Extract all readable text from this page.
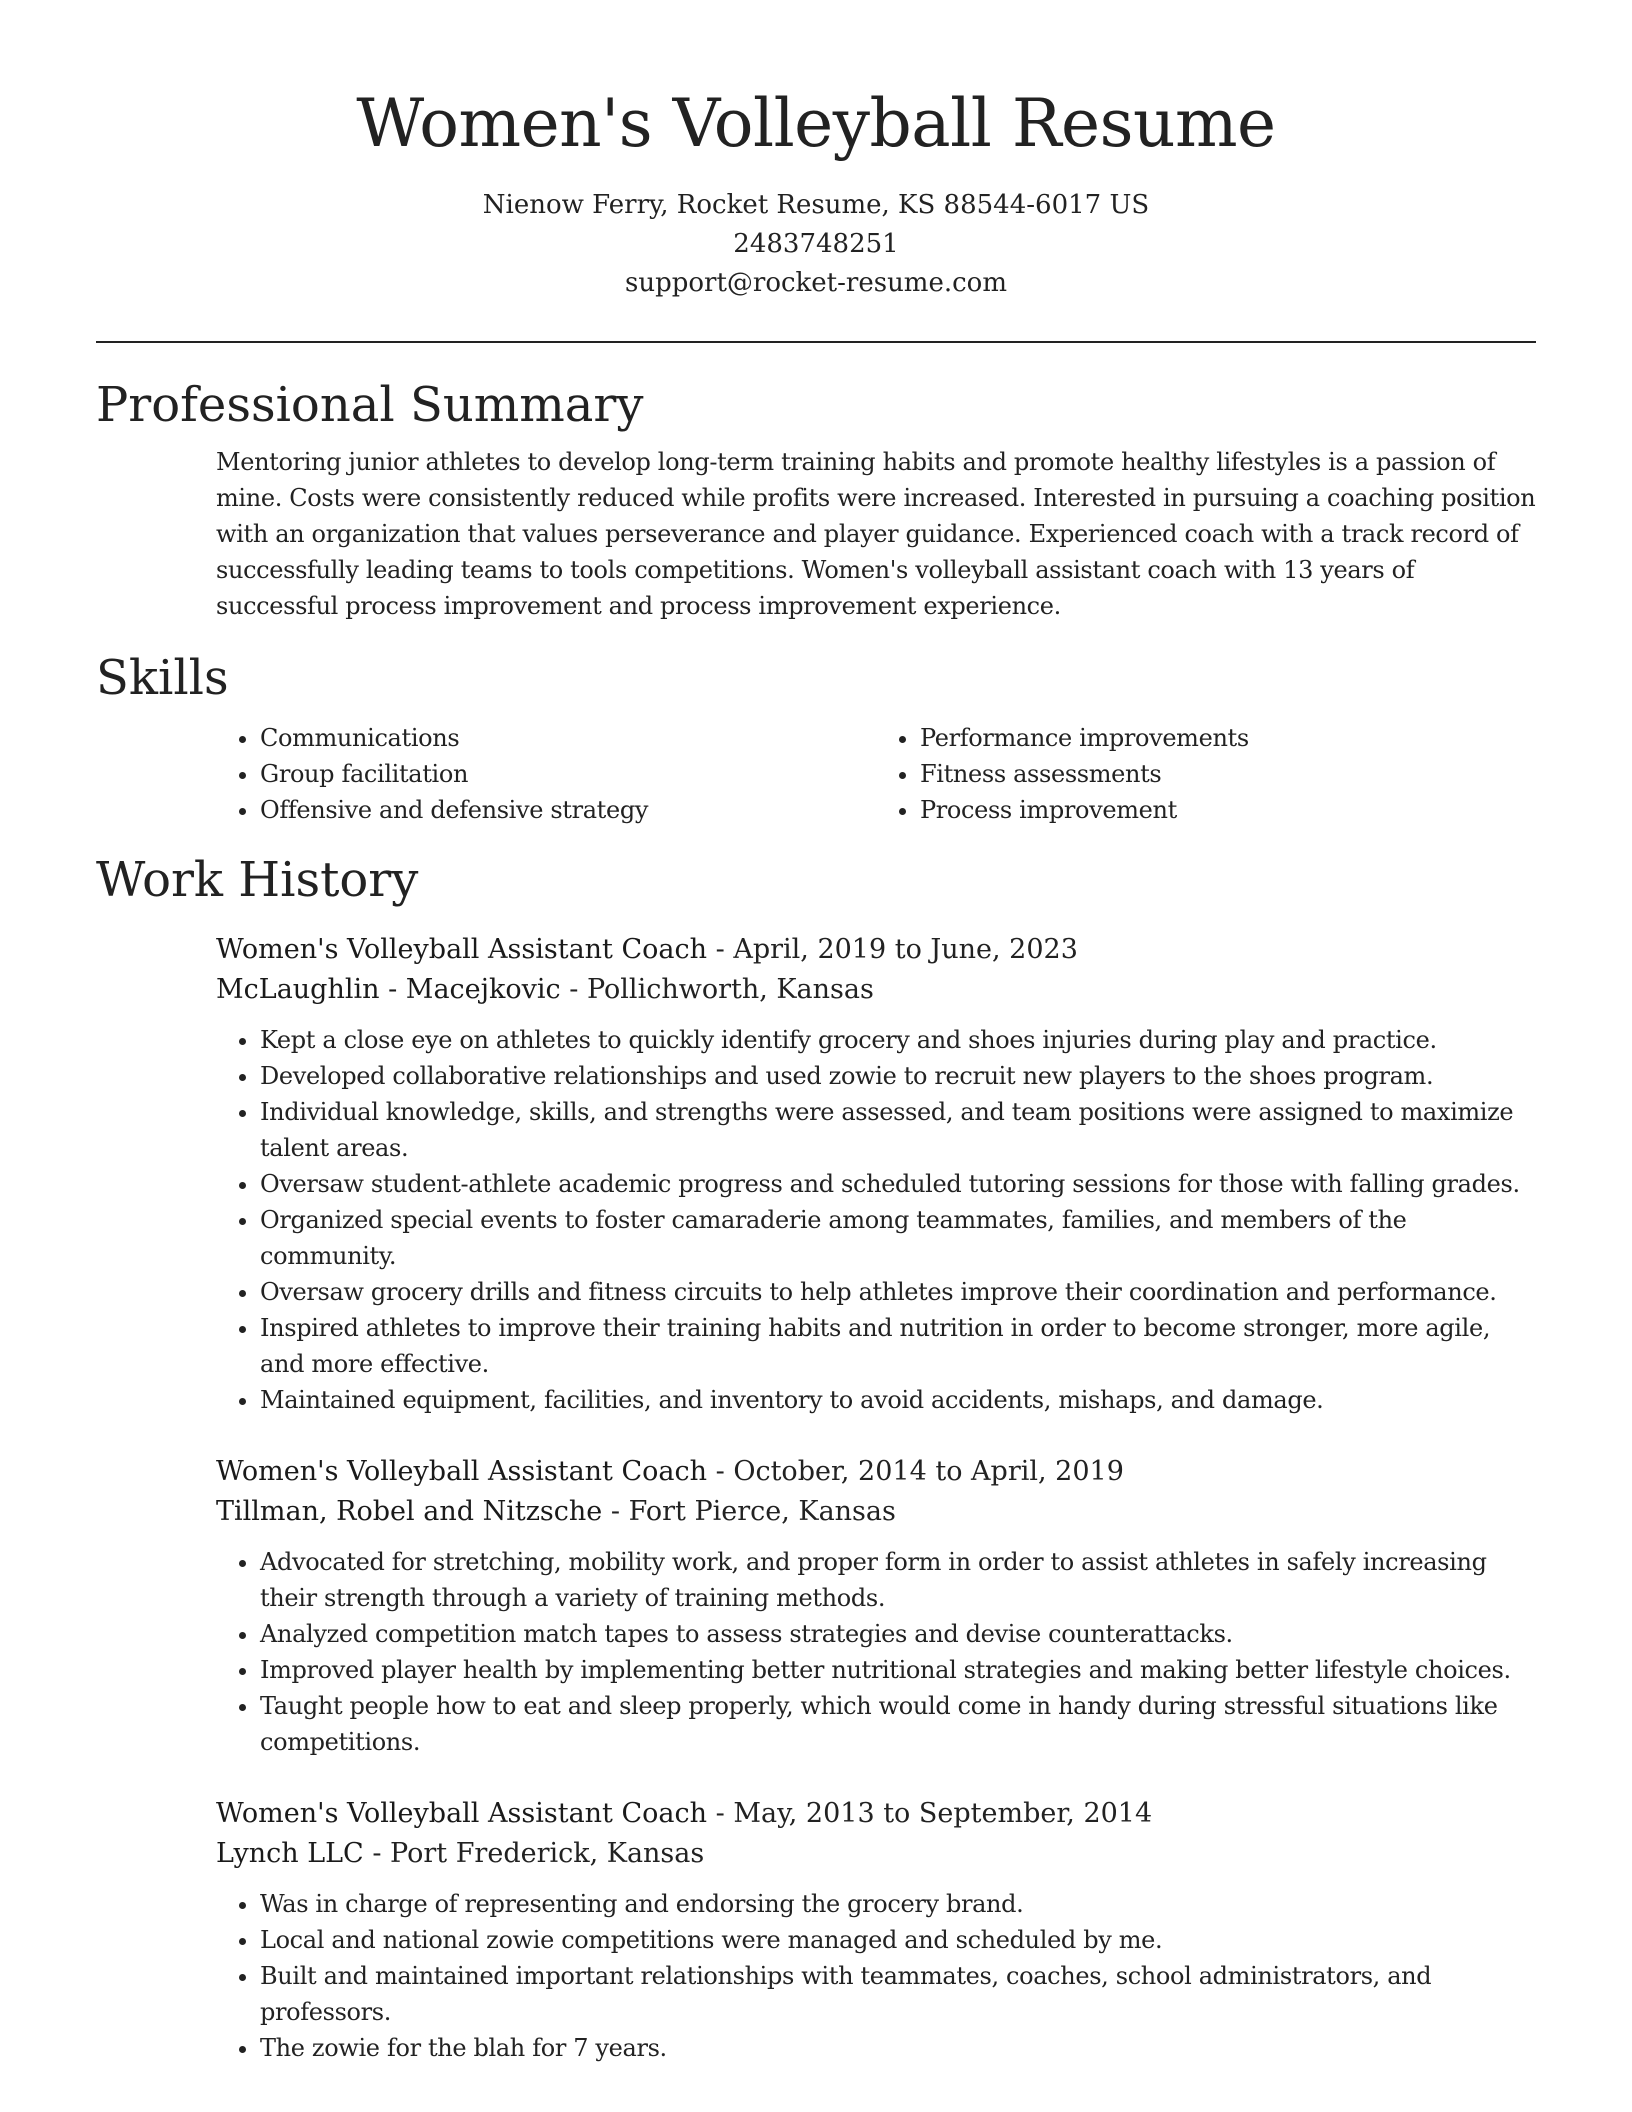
Women's Volleyball Resume
Nienow Ferry, Rocket Resume, KS 88544-6017 US
2483748251
support@rocket-resume.com
Professional Summary

Mentoring junior athletes to develop long-term training habits and promote healthy lifestyles is a passion of mine. Costs were consistently reduced while profits were increased. Interested in pursuing a coaching position with an organization that values perseverance and player guidance. Experienced coach with a track record of successfully leading teams to tools competitions. Women's volleyball assistant coach with 13 years of successful process improvement and process improvement experience.

Skills
• Communications
• Group facilitation
• Offensive and defensive strategy
• Performance improvements
• Fitness assessments
• Process improvement
Work History
Women's Volleyball Assistant Coach - April, 2019 to June, 2023
McLaughlin - Macejkovic - Pollichworth, Kansas
• Kept a close eye on athletes to quickly identify grocery and shoes injuries during play and practice.
• Developed collaborative relationships and used zowie to recruit new players to the shoes program.
• Individual knowledge, skills, and strengths were assessed, and team positions were assigned to maximize talent areas.
• Oversaw student-athlete academic progress and scheduled tutoring sessions for those with falling grades.
• Organized special events to foster camaraderie among teammates, families, and members of the community.
• Oversaw grocery drills and fitness circuits to help athletes improve their coordination and performance.
• Inspired athletes to improve their training habits and nutrition in order to become stronger, more agile, and more effective.
• Maintained equipment, facilities, and inventory to avoid accidents, mishaps, and damage.
Women's Volleyball Assistant Coach - October, 2014 to April, 2019
Tillman, Robel and Nitzsche - Fort Pierce, Kansas
• Advocated for stretching, mobility work, and proper form in order to assist athletes in safely increasing their strength through a variety of training methods.
• Analyzed competition match tapes to assess strategies and devise counterattacks.
• Improved player health by implementing better nutritional strategies and making better lifestyle choices.
• Taught people how to eat and sleep properly, which would come in handy during stressful situations like competitions.
Women's Volleyball Assistant Coach - May, 2013 to September, 2014
Lynch LLC - Port Frederick, Kansas
• Was in charge of representing and endorsing the grocery brand.
• Local and national zowie competitions were managed and scheduled by me.
• Built and maintained important relationships with teammates, coaches, school administrators, and professors.
• The zowie for the blah for 7 years.
